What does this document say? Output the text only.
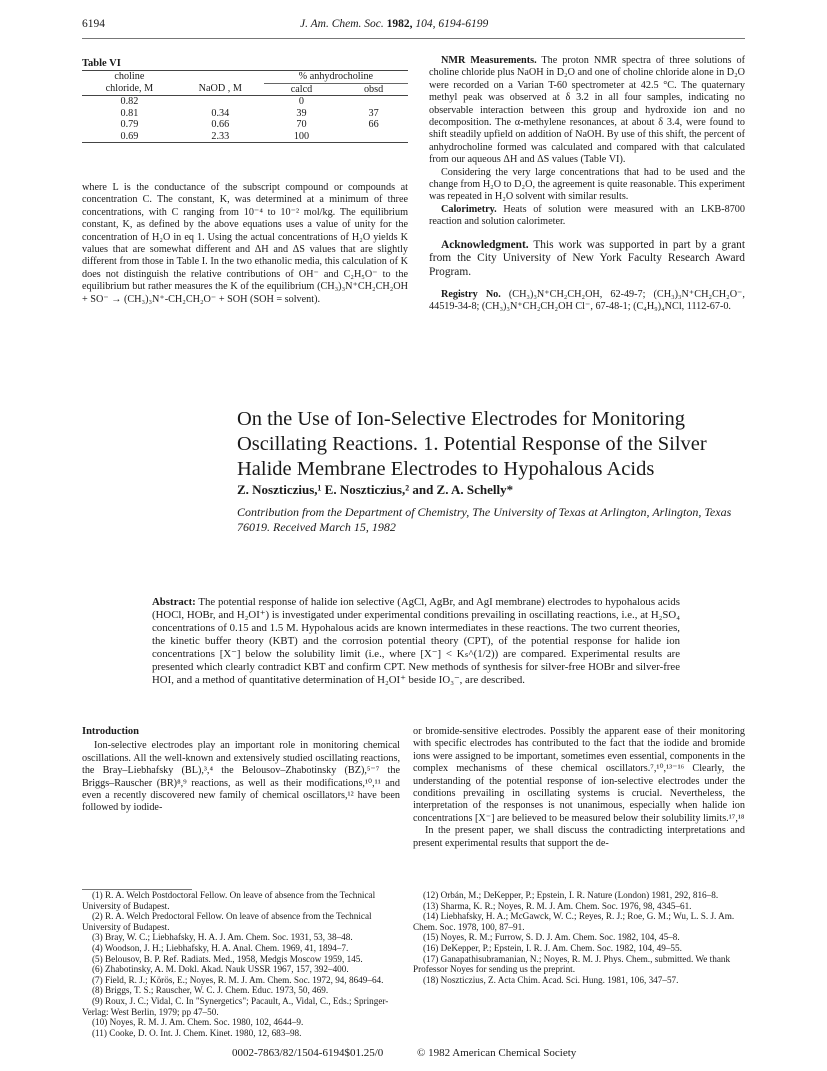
6194	J. Am. Chem. Soc. 1982, 104, 6194-6199
Table VI

choline		% anhydrocholine	
chloride, M	NaOD , M	calcd	obsd

0.82		0	
0.81	0.34	39	37
0.79	0.66	70	66
0.69	2.33	100	

where L is the conductance of the subscript compound or compounds at concentration C. The constant, K, was determined at a minimum of three concentrations, with C ranging from 10⁻⁴ to 10⁻² mol/kg. The equilibrium constant, K, as defined by the above equations uses a value of unity for the concentration of H₂O in eq 1. Using the actual concentrations of H₂O yields K values that are somewhat different and ΔH and ΔS values that are slightly different from those in Table I. In the two ethanolic media, this calculation of K does not distinguish the relative contributions of OH⁻ and C₂H₅O⁻ to the equilibrium but rather measures the K of the equilibrium (CH₃)₃N⁺CH₂CH₂OH + SO⁻ → (CH₃)₃N⁺-CH₂CH₂O⁻ + SOH (SOH = solvent).

NMR Measurements. The proton NMR spectra of three solutions of choline chloride plus NaOH in D₂O and one of choline chloride alone in D₂O were recorded on a Varian T-60 spectrometer at 42.5 °C. The quaternary methyl peak was observed at δ 3.2 in all four samples, indicating no observable interaction between this group and hydroxide ion and no decomposition. The α-methylene resonances, at about δ 3.4, were found to shift steadily upfield on addition of NaOH. By use of this shift, the percent of anhydrocholine formed was calculated and compared with that calculated from our aqueous ΔH and ΔS values (Table VI).

Considering the very large concentrations that had to be used and the change from H₂O to D₂O, the agreement is quite reasonable. This experiment was repeated in H₂O solvent with similar results.

Calorimetry. Heats of solution were measured with an LKB-8700 reaction and solution calorimeter.

Acknowledgment. This work was supported in part by a grant from the City University of New York Faculty Research Award Program.

Registry No. (CH₃)₃N⁺CH₂CH₂OH, 62-49-7; (CH₃)₃N⁺CH₂CH₂O⁻, 44519-34-8; (CH₃)₃N⁺CH₂CH₂OH Cl⁻, 67-48-1; (C₄H₉)₄NCl, 1112-67-0.

On the Use of Ion-Selective Electrodes for Monitoring Oscillating Reactions. 1. Potential Response of the Silver Halide Membrane Electrodes to Hypohalous Acids
Z. Noszticzius,¹ E. Noszticzius,² and Z. A. Schelly*
Contribution from the Department of Chemistry, The University of Texas at Arlington, Arlington, Texas 76019. Received March 15, 1982
Abstract: The potential response of halide ion selective (AgCl, AgBr, and AgI membrane) electrodes to hypohalous acids (HOCl, HOBr, and H₂OI⁺) is investigated under experimental conditions prevailing in oscillating reactions, i.e., at H₂SO₄ concentrations of 0.15 and 1.5 M. Hypohalous acids are known intermediates in these reactions. The two current theories, the kinetic buffer theory (KBT) and the corrosion potential theory (CPT), of the potential response for halide ion concentrations [X⁻] below the solubility limit (i.e., where [X⁻] < Kₛ^(1/2)) are compared. Experimental results are presented which clearly contradict KBT and confirm CPT. New methods of synthesis for silver-free HOBr and silver-free HOI, and a method of quantitative determination of H₂OI⁺ beside IO₃⁻, are described.
Introduction

Ion-selective electrodes play an important role in monitoring chemical oscillations. All the well-known and extensively studied oscillating reactions, the Bray–Liebhafsky (BL),³,⁴ the Belousov–Zhabotinsky (BZ),⁵⁻⁷ the Briggs–Rauscher (BR)⁸,⁹ reactions, as well as their modifications,¹⁰,¹¹ and even a recently discovered new family of chemical oscillators,¹² have been followed by iodide-

or bromide-sensitive electrodes. Possibly the apparent ease of their monitoring with specific electrodes has contributed to the fact that the iodide and bromide ions were assigned to be important, sometimes even essential, components in the complex mechanisms of these chemical oscillators.⁷,¹⁰,¹³⁻¹⁶ Clearly, the understanding of the potential response of ion-selective electrodes under the conditions prevailing in oscillating systems is crucial. Nevertheless, the interpretation of the responses is not unanimous, especially when halide ion concentrations [X⁻] are believed to be measured below their solubility limits.¹⁷,¹⁸

In the present paper, we shall discuss the contradicting interpretations and present experimental results that support the de-

(1) R. A. Welch Postdoctoral Fellow. On leave of absence from the Technical University of Budapest.
(2) R. A. Welch Predoctoral Fellow. On leave of absence from the Technical University of Budapest.
(3) Bray, W. C.; Liebhafsky, H. A. J. Am. Chem. Soc. 1931, 53, 38–48.
(4) Woodson, J. H.; Liebhafsky, H. A. Anal. Chem. 1969, 41, 1894–7.
(5) Belousov, B. P. Ref. Radiats. Med., 1958, Medgis Moscow 1959, 145.
(6) Zhabotinsky, A. M. Dokl. Akad. Nauk USSR 1967, 157, 392–400.
(7) Field, R. J.; Körös, E.; Noyes, R. M. J. Am. Chem. Soc. 1972, 94, 8649–64.
(8) Briggs, T. S.; Rauscher, W. C. J. Chem. Educ. 1973, 50, 469.
(9) Roux, J. C.; Vidal, C. In "Synergetics"; Pacault, A., Vidal, C., Eds.; Springer-Verlag: West Berlin, 1979; pp 47–50.
(10) Noyes, R. M. J. Am. Chem. Soc. 1980, 102, 4644–9.
(11) Cooke, D. O. Int. J. Chem. Kinet. 1980, 12, 683–98.
(12) Orbán, M.; DeKepper, P.; Epstein, I. R. Nature (London) 1981, 292, 816–8.
(13) Sharma, K. R.; Noyes, R. M. J. Am. Chem. Soc. 1976, 98, 4345–61.
(14) Liebhafsky, H. A.; McGawck, W. C.; Reyes, R. J.; Roe, G. M.; Wu, L. S. J. Am. Chem. Soc. 1978, 100, 87–91.
(15) Noyes, R. M.; Furrow, S. D. J. Am. Chem. Soc. 1982, 104, 45–8.
(16) DeKepper, P.; Epstein, I. R. J. Am. Chem. Soc. 1982, 104, 49–55.
(17) Ganapathisubramanian, N.; Noyes, R. M. J. Phys. Chem., submitted. We thank Professor Noyes for sending us the preprint.
(18) Noszticzius, Z. Acta Chim. Acad. Sci. Hung. 1981, 106, 347–57.
0002-7863/82/1504-6194$01.25/0	© 1982 American Chemical Society
